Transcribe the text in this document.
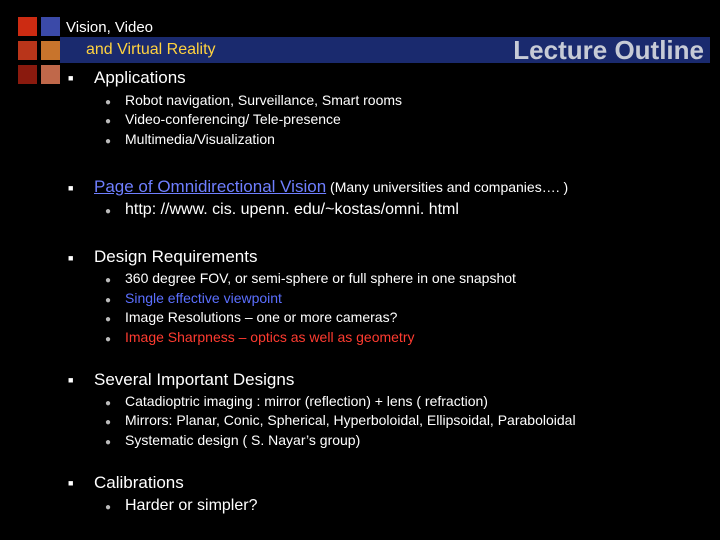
Vision, Video
and Virtual Reality	Lecture Outline
■ Applications
● Robot navigation, Surveillance, Smart rooms
● Video-conferencing/ Tele-presence
● Multimedia/Visualization
■ Page of Omnidirectional Vision (Many universities and companies…. )
● http: //www. cis. upenn. edu/~kostas/omni. html
■ Design Requirements
● 360 degree FOV, or semi-sphere or full sphere in one snapshot
● Single effective viewpoint
● Image Resolutions – one or more cameras?
● Image Sharpness – optics as well as geometry
■ Several Important Designs
● Catadioptric imaging : mirror (reflection) + lens ( refraction)
● Mirrors: Planar, Conic, Spherical, Hyperboloidal, Ellipsoidal, Paraboloidal
● Systematic design ( S. Nayar’s group)
■ Calibrations
● Harder or simpler?
